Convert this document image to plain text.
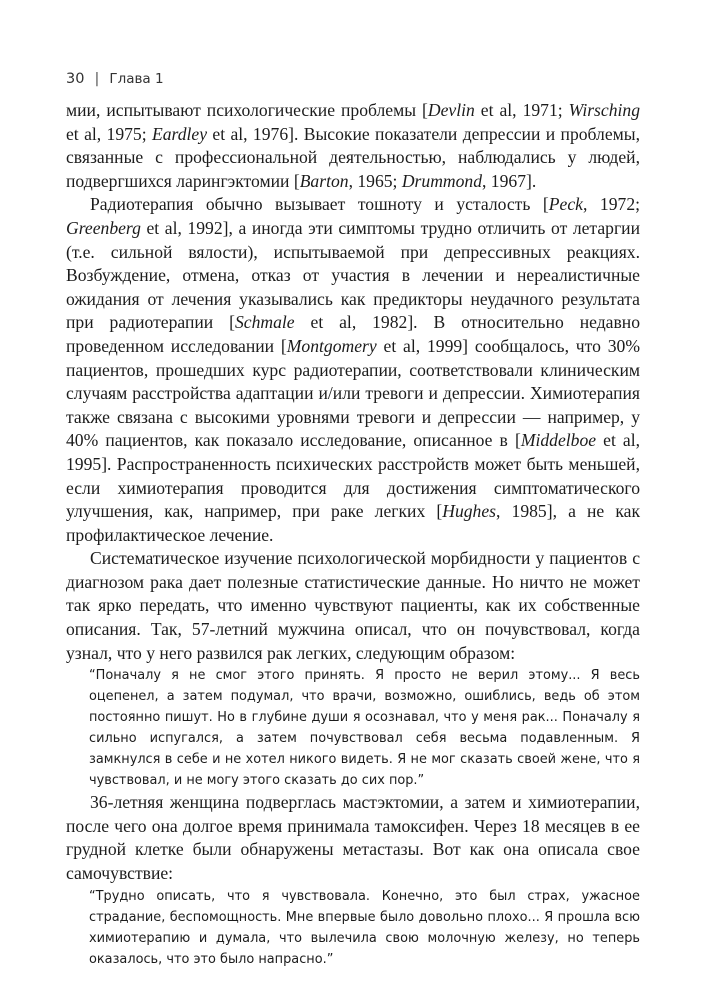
30 | Глава 1

мии, испытывают психологические проблемы [Devlin et al, 1971; Wirsching et al, 1975; Eardley et al, 1976]. Высокие показатели депрессии и проблемы, связанные с профессиональной деятельностью, наблюдались у людей, подвергшихся ларингэктомии [Barton, 1965; Drummond, 1967].

Радиотерапия обычно вызывает тошноту и усталость [Peck, 1972; Greenberg et al, 1992], а иногда эти симптомы трудно отличить от летаргии (т.е. сильной вялости), испытываемой при депрессивных реакциях. Возбуждение, отмена, отказ от участия в лечении и нереалистичные ожидания от лечения указывались как предикторы неудачного результата при радиотерапии [Schmale et al, 1982]. В относительно недавно проведенном исследовании [Montgomery et al, 1999] сообщалось, что 30% пациентов, прошедших курс радиотерапии, соответствовали клиническим случаям расстройства адаптации и/или тревоги и депрессии. Химиотерапия также связана с высокими уровнями тревоги и депрессии — например, у 40% пациентов, как показало исследование, описанное в [Middelboe et al, 1995]. Распространенность психических расстройств может быть меньшей, если химиотерапия проводится для достижения симптоматического улучшения, как, например, при раке легких [Hughes, 1985], а не как профилактическое лечение.

Систематическое изучение психологической морбидности у пациентов с диагнозом рака дает полезные статистические данные. Но ничто не может так ярко передать, что именно чувствуют пациенты, как их собственные описания. Так, 57-летний мужчина описал, что он почувствовал, когда узнал, что у него развился рак легких, следующим образом:

“Поначалу я не смог этого принять. Я просто не верил этому... Я весь оцепенел, а затем подумал, что врачи, возможно, ошиблись, ведь об этом постоянно пишут. Но в глубине души я осознавал, что у меня рак... Поначалу я сильно испугался, а затем почувствовал себя весьма подавленным. Я замкнулся в себе и не хотел никого видеть. Я не мог сказать своей жене, что я чувствовал, и не могу этого сказать до сих пор.”

36-летняя женщина подверглась мастэктомии, а затем и химиотерапии, после чего она долгое время принимала тамоксифен. Через 18 месяцев в ее грудной клетке были обнаружены метастазы. Вот как она описала свое самочувствие:

“Трудно описать, что я чувствовала. Конечно, это был страх, ужасное страдание, беспомощность. Мне впервые было довольно плохо... Я прошла всю химиотерапию и думала, что вылечила свою молочную железу, но теперь оказалось, что это было напрасно.”
